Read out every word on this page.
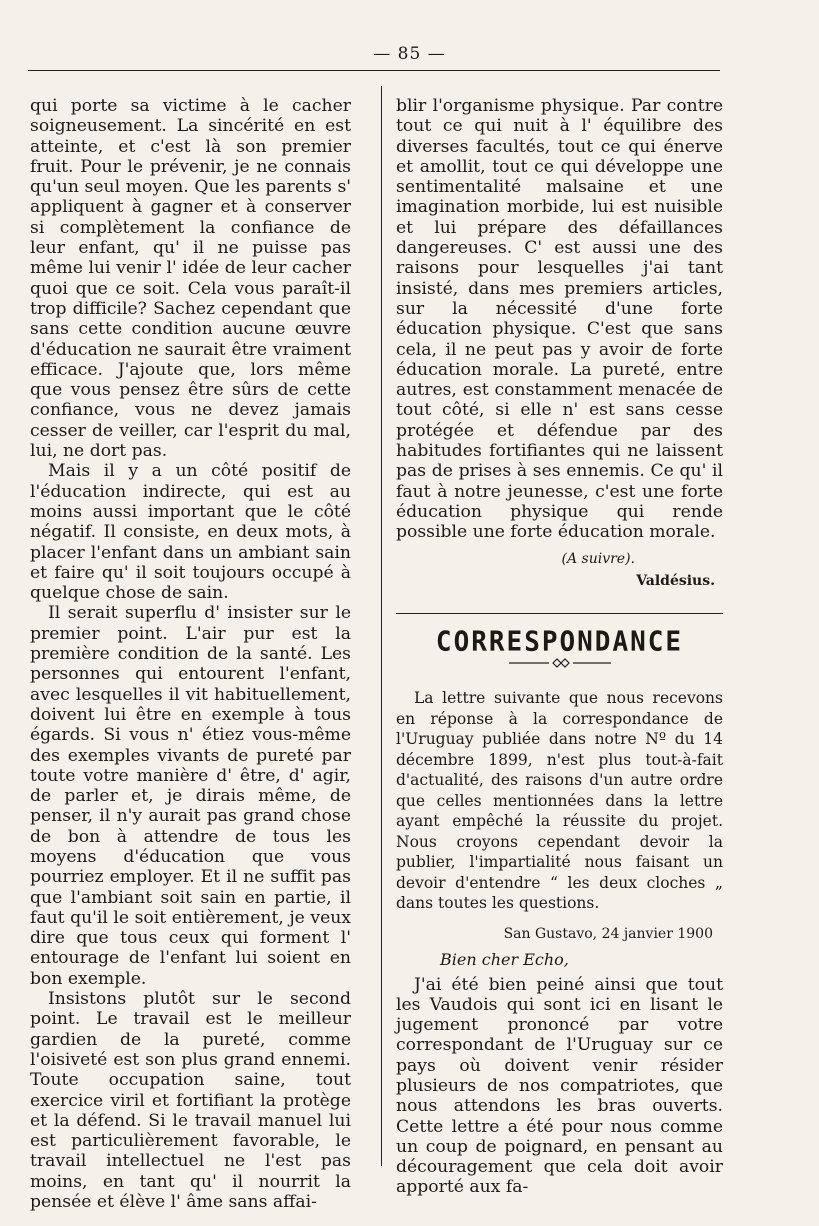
— 85 —

qui porte sa victime à le cacher soigneusement. La sincérité en est atteinte, et c'est là son premier fruit. Pour le prévenir, je ne connais qu'un seul moyen. Que les parents s' appliquent à gagner et à conserver si complètement la confiance de leur enfant, qu' il ne puisse pas même lui venir l' idée de leur cacher quoi que ce soit. Cela vous paraît-il trop difficile? Sachez cependant que sans cette condition aucune œuvre d'éducation ne saurait être vraiment efficace. J'ajoute que, lors même que vous pensez être sûrs de cette confiance, vous ne devez jamais cesser de veiller, car l'esprit du mal, lui, ne dort pas.

Mais il y a un côté positif de l'éducation indirecte, qui est au moins aussi important que le côté négatif. Il consiste, en deux mots, à placer l'enfant dans un ambiant sain et faire qu' il soit toujours occupé à quelque chose de sain.

Il serait superflu d' insister sur le premier point. L'air pur est la première condition de la santé. Les personnes qui entourent l'enfant, avec lesquelles il vit habituellement, doivent lui être en exemple à tous égards. Si vous n' étiez vous-même des exemples vivants de pureté par toute votre manière d' être, d' agir, de parler et, je dirais même, de penser, il n'y aurait pas grand chose de bon à attendre de tous les moyens d'éducation que vous pourriez employer. Et il ne suffit pas que l'ambiant soit sain en partie, il faut qu'il le soit entièrement, je veux dire que tous ceux qui forment l' entourage de l'enfant lui soient en bon exemple.

Insistons plutôt sur le second point. Le travail est le meilleur gardien de la pureté, comme l'oisiveté est son plus grand ennemi. Toute occupation saine, tout exercice viril et fortifiant la protège et la défend. Si le travail manuel lui est particulièrement favorable, le travail intellectuel ne l'est pas moins, en tant qu' il nourrit la pensée et élève l' âme sans affai-

blir l'organisme physique. Par contre tout ce qui nuit à l' équilibre des diverses facultés, tout ce qui énerve et amollit, tout ce qui développe une sentimentalité malsaine et une imagination morbide, lui est nuisible et lui prépare des défaillances dangereuses. C' est aussi une des raisons pour lesquelles j'ai tant insisté, dans mes premiers articles, sur la nécessité d'une forte éducation physique. C'est que sans cela, il ne peut pas y avoir de forte éducation morale. La pureté, entre autres, est constamment menacée de tout côté, si elle n' est sans cesse protégée et défendue par des habitudes fortifiantes qui ne laissent pas de prises à ses ennemis. Ce qu' il faut à notre jeunesse, c'est une forte éducation physique qui rende possible une forte éducation morale.

(A suivre).
Valdésius.
CORRESPONDANCE

La lettre suivante que nous recevons en réponse à la correspondance de l'Uruguay publiée dans notre Nº du 14 décembre 1899, n'est plus tout-à-fait d'actualité, des raisons d'un autre ordre que celles mentionnées dans la lettre ayant empêché la réussite du projet. Nous croyons cependant devoir la publier, l'impartialité nous faisant un devoir d'entendre “ les deux cloches „ dans toutes les questions.

San Gustavo, 24 janvier 1900
Bien cher Echo,

J'ai été bien peiné ainsi que tout les Vaudois qui sont ici en lisant le jugement prononcé par votre correspondant de l'Uruguay sur ce pays où doivent venir résider plusieurs de nos compatriotes, que nous attendons les bras ouverts. Cette lettre a été pour nous comme un coup de poignard, en pensant au découragement que cela doit avoir apporté aux fa-
